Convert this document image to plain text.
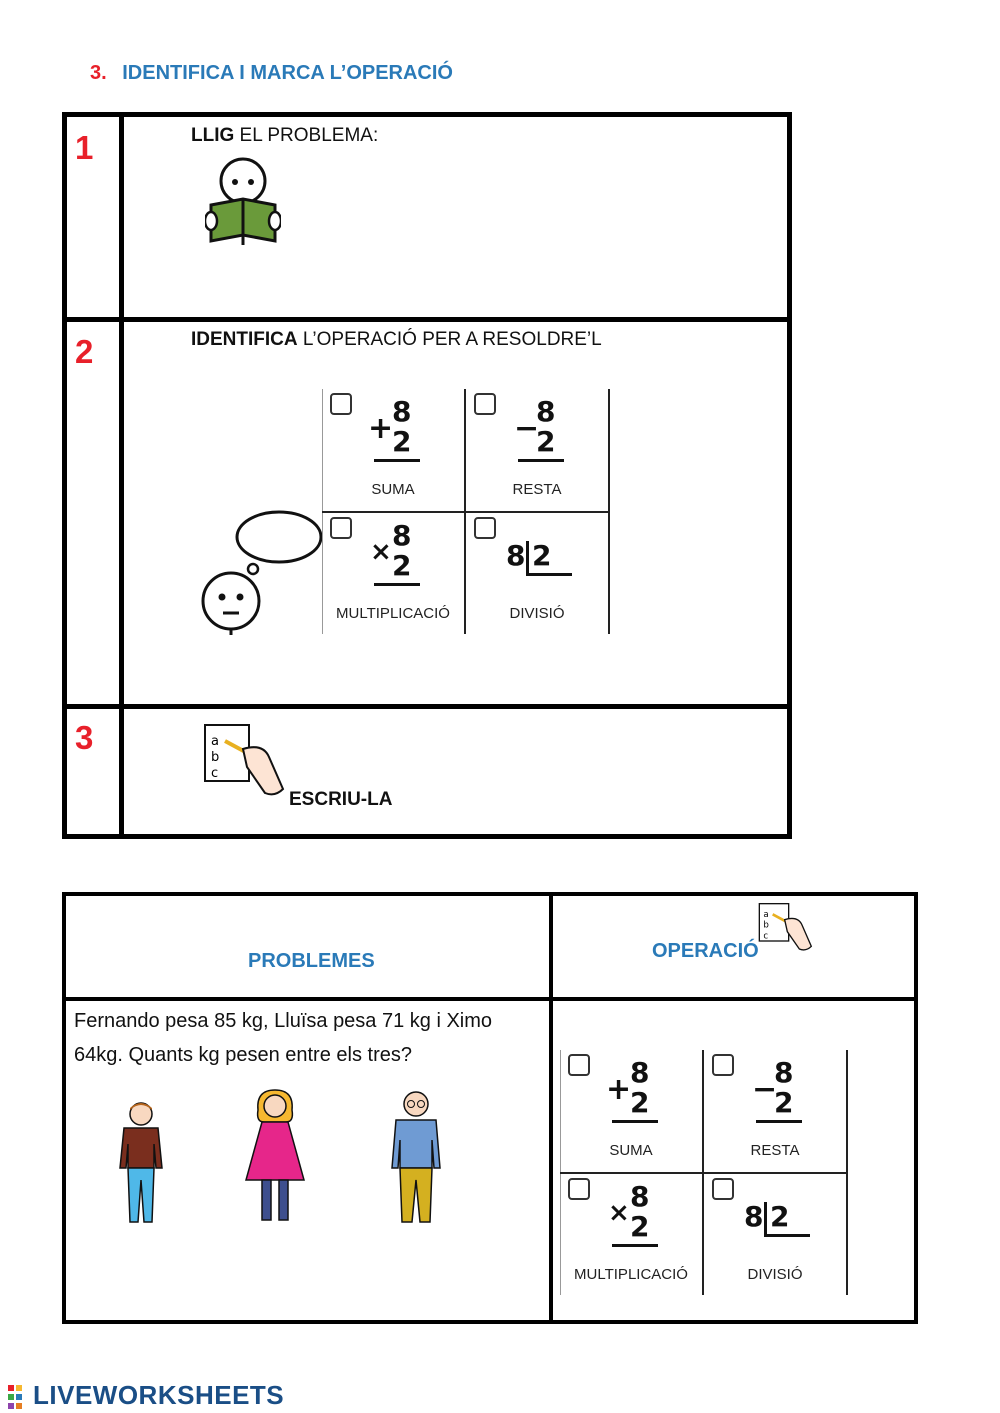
3. IDENTIFICA I MARCA L’OPERACIÓ
1	LLIG EL PROBLEMA:
2	IDENTIFICA L’OPERACIÓ PER A RESOLDRE’L
+
8
2
SUMA
−
8
2
RESTA
× 8
2
MULTIPLICACIÓ
8 2
DIVISIÓ
3	a
b
c
ESCRIU-LA
PROBLEMES	OPERACIÓ
a
b
c
Fernando pesa 85 kg, Lluïsa pesa 71 kg i Ximo 64kg. Quants kg pesen entre els tres?
+
8
2
SUMA
−
8
2
RESTA
× 8
2
MULTIPLICACIÓ
8 2
DIVISIÓ
LIVEWORKSHEETS
